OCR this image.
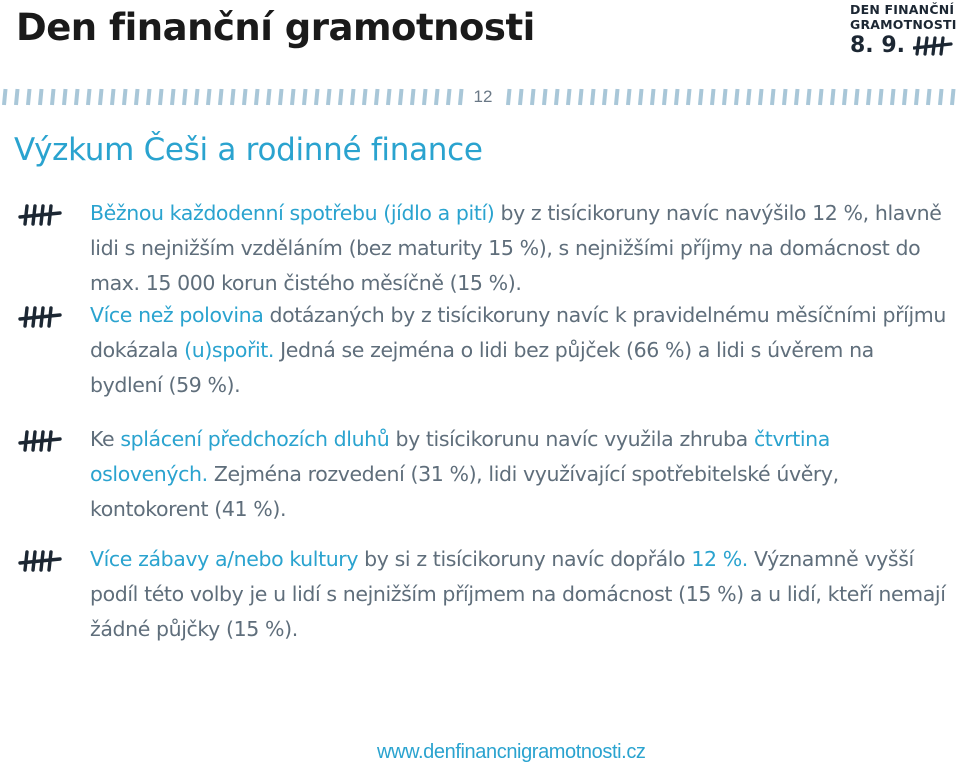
Den finanční gramotnosti	DEN FINANČNÍ
GRAMOTNOSTI
8. 9.
12
Výzkum Češi a rodinné finance
Běžnou každodenní spotřebu (jídlo a pití) by z tisícikoruny navíc navýšilo 12 %, hlavně lidi s nejnižším vzděláním (bez maturity 15 %), s nejnižšími příjmy na domácnost do max. 15 000 korun čistého měsíčně (15 %).
Více než polovina dotázaných by z tisícikoruny navíc k pravidelnému měsíčními příjmu dokázala (u)spořit. Jedná se zejména o lidi bez půjček (66 %) a lidi s úvěrem na bydlení (59 %).
Ke splácení předchozích dluhů by tisícikorunu navíc využila zhruba čtvrtina oslovených. Zejména rozvedení (31 %), lidi využívající spotřebitelské úvěry, kontokorent (41 %).
Více zábavy a/nebo kultury by si z tisícikoruny navíc dopřálo 12 %. Významně vyšší podíl této volby je u lidí s nejnižším příjmem na domácnost (15 %) a u lidí, kteří nemají žádné půjčky (15 %).
www.denfinancnigramotnosti.cz
